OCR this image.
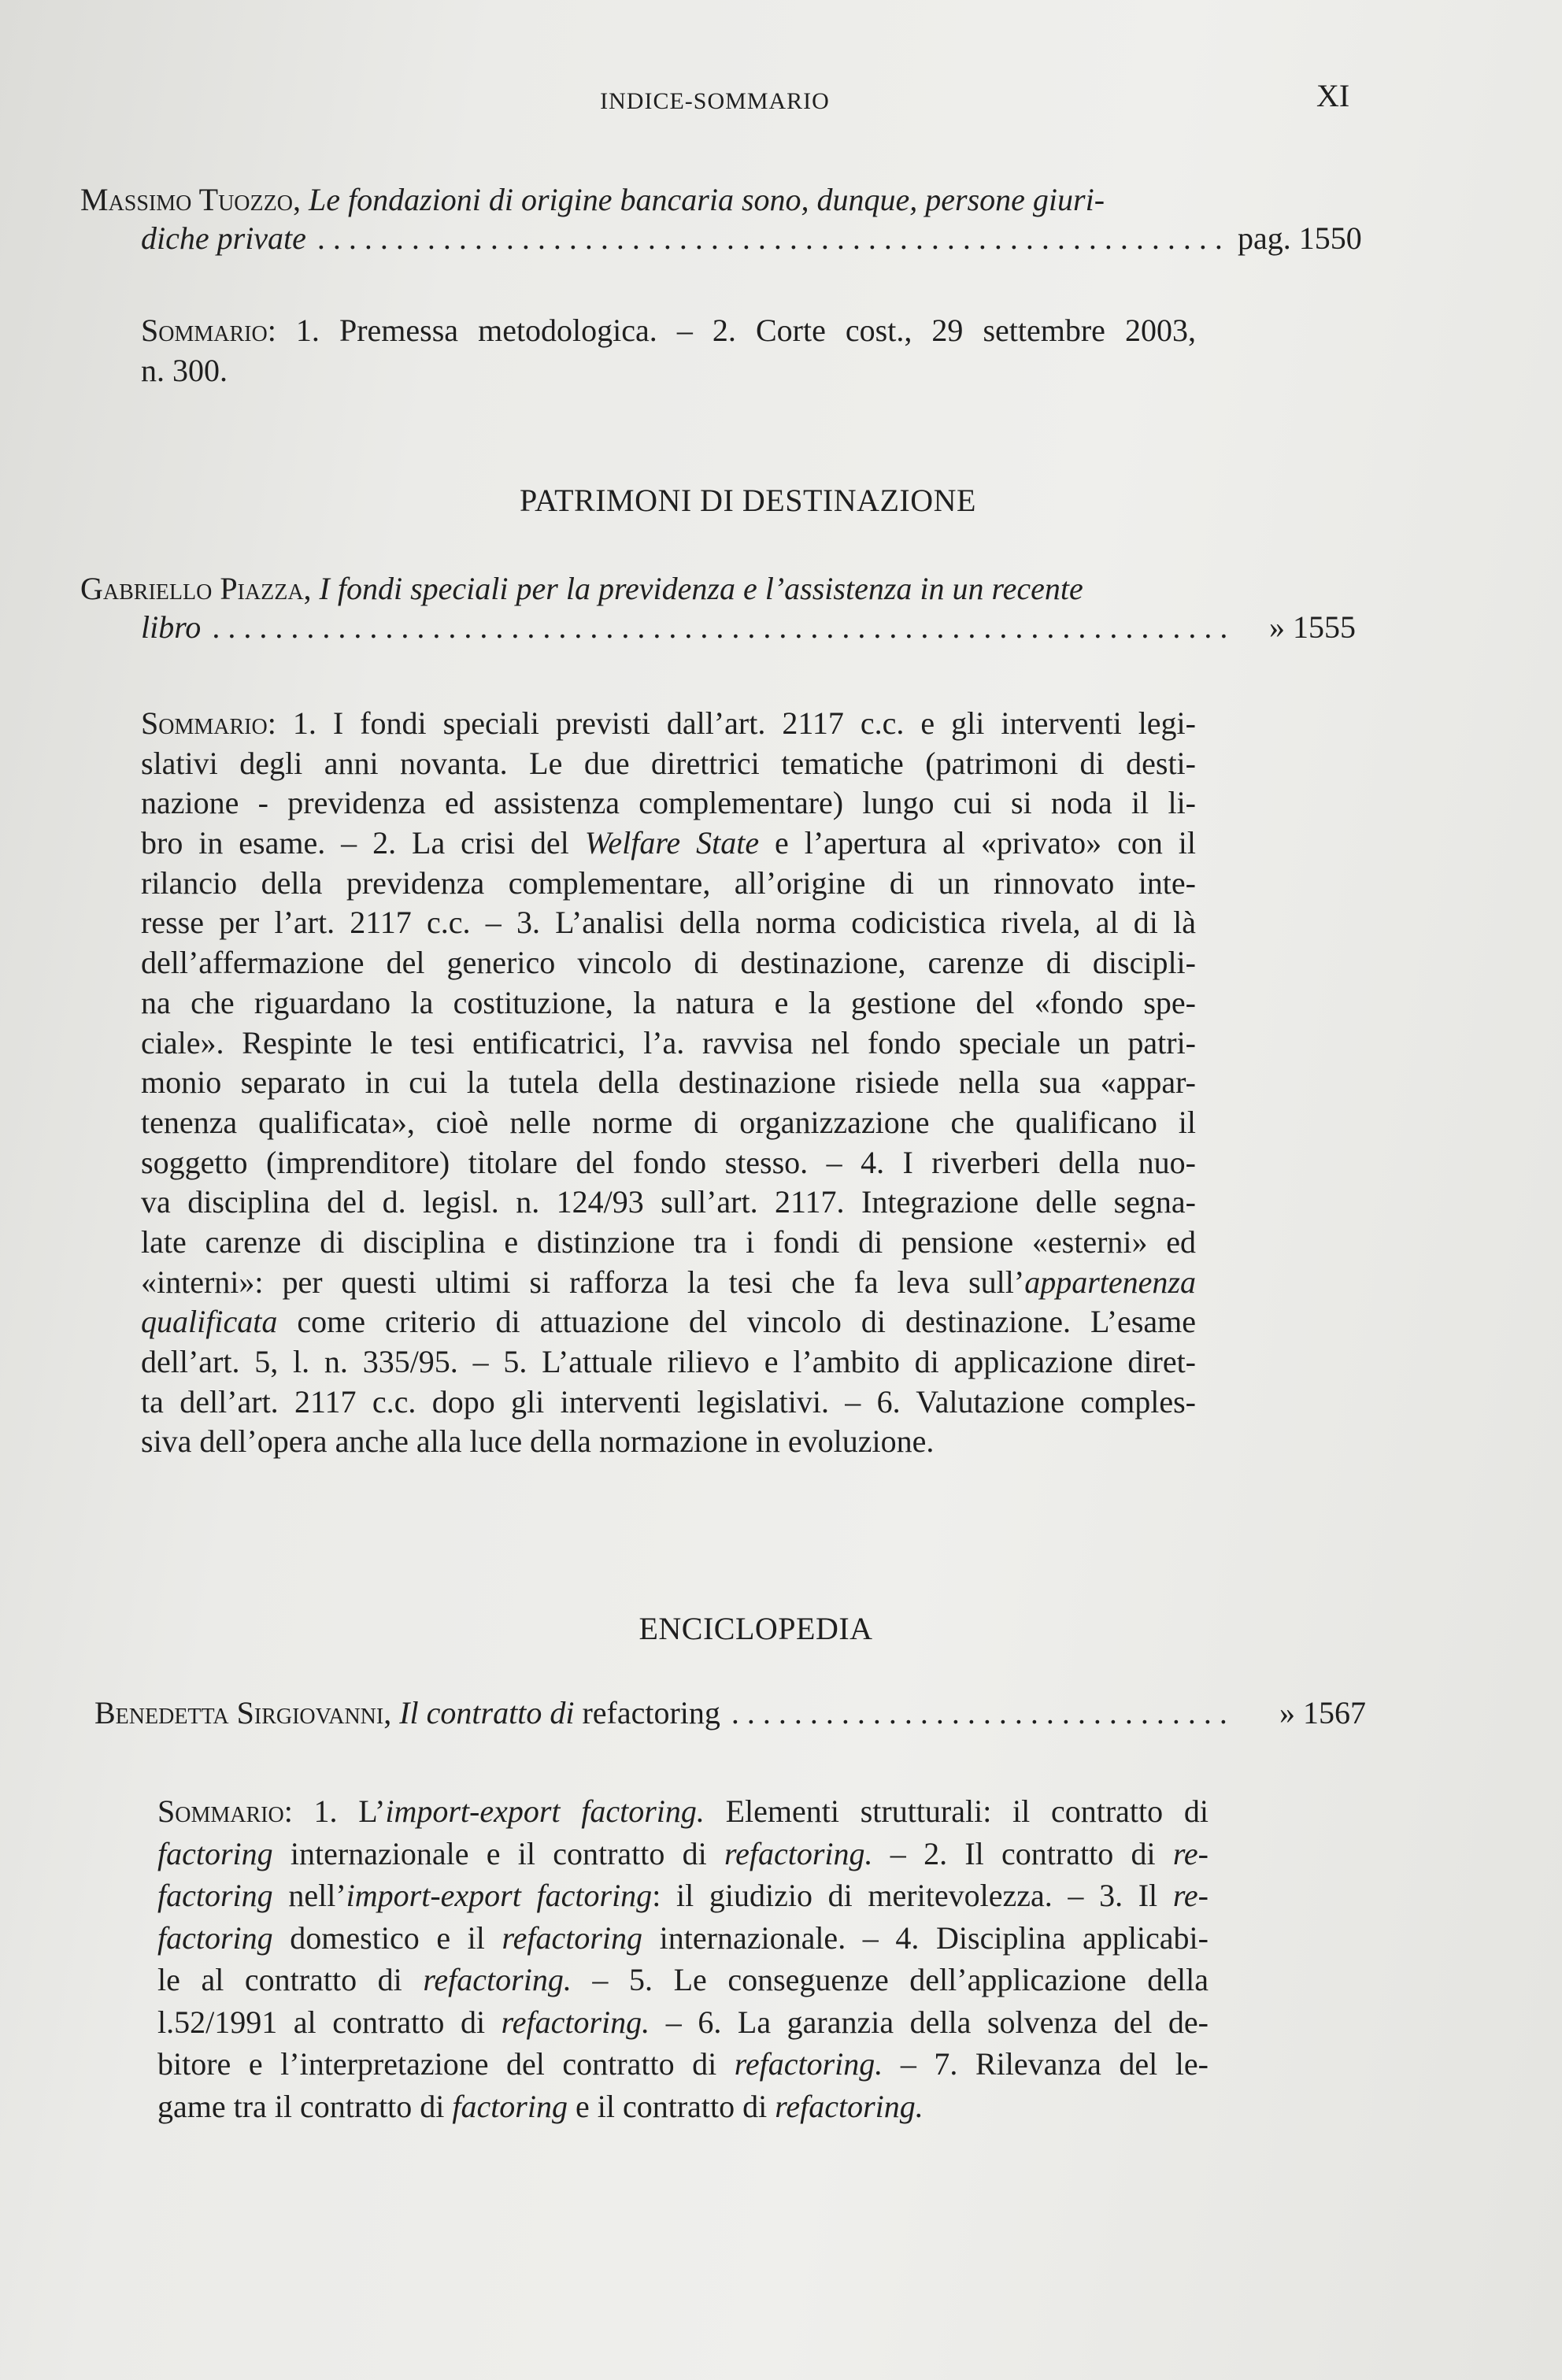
INDICE-SOMMARIO	XI
Massimo Tuozzo, Le fondazioni di origine bancaria sono, dunque, persone giuri-
diche private . . .	pag. 1550
Sommario: 1. Premessa metodologica. – 2. Corte cost., 29 settembre 2003,
n. 300.
PATRIMONI DI DESTINAZIONE
Gabriello Piazza, I fondi speciali per la previdenza e l’assistenza in un recente
libro . . .	» 1555
Sommario: 1. I fondi speciali previsti dall’art. 2117 c.c. e gli interventi legi-
slativi degli anni novanta. Le due direttrici tematiche (patrimoni di desti-
nazione - previdenza ed assistenza complementare) lungo cui si noda il li-
bro in esame. – 2. La crisi del Welfare State e l’apertura al «privato» con il
rilancio della previdenza complementare, all’origine di un rinnovato inte-
resse per l’art. 2117 c.c. – 3. L’analisi della norma codicistica rivela, al di là
dell’affermazione del generico vincolo di destinazione, carenze di discipli-
na che riguardano la costituzione, la natura e la gestione del «fondo spe-
ciale». Respinte le tesi entificatrici, l’a. ravvisa nel fondo speciale un patri-
monio separato in cui la tutela della destinazione risiede nella sua «appar-
tenenza qualificata», cioè nelle norme di organizzazione che qualificano il
soggetto (imprenditore) titolare del fondo stesso. – 4. I riverberi della nuo-
va disciplina del d. legisl. n. 124/93 sull’art. 2117. Integrazione delle segna-
late carenze di disciplina e distinzione tra i fondi di pensione «esterni» ed
«interni»: per questi ultimi si rafforza la tesi che fa leva sull’appartenenza
qualificata come criterio di attuazione del vincolo di destinazione. L’esame
dell’art. 5, l. n. 335/95. – 5. L’attuale rilievo e l’ambito di applicazione diret-
ta dell’art. 2117 c.c. dopo gli interventi legislativi. – 6. Valutazione comples-
siva dell’opera anche alla luce della normazione in evoluzione.
ENCICLOPEDIA
Benedetta Sirgiovanni,
Il contratto di
refactoring . . .	» 1567
Sommario: 1. L’import-export factoring. Elementi strutturali: il contratto di
factoring internazionale e il contratto di refactoring. – 2. Il contratto di re-
factoring nell’import-export factoring: il giudizio di meritevolezza. – 3. Il re-
factoring domestico e il refactoring internazionale. – 4. Disciplina applicabi-
le al contratto di refactoring. – 5. Le conseguenze dell’applicazione della
l.52/1991 al contratto di refactoring. – 6. La garanzia della solvenza del de-
bitore e l’interpretazione del contratto di refactoring. – 7. Rilevanza del le-
game tra il contratto di factoring e il contratto di refactoring.
